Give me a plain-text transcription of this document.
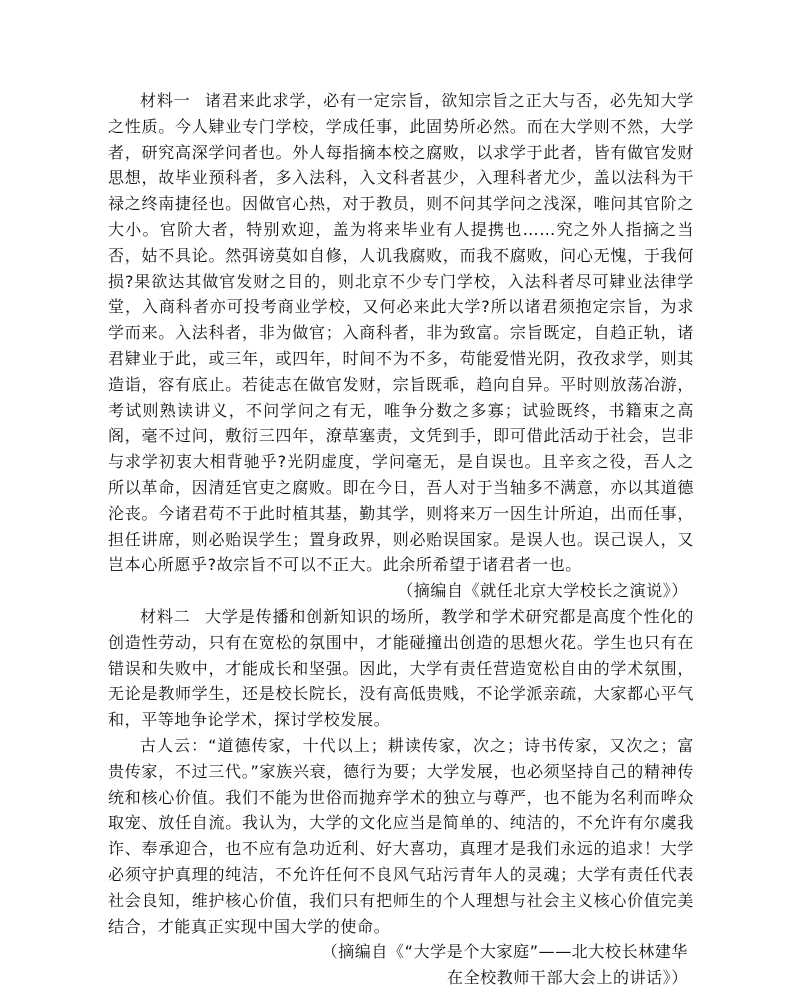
材料一 诸君来此求学，必有一定宗旨，欲知宗旨之正大与否，必先知大学之性质。今人肄业专门学校，学成任事，此固势所必然。而在大学则不然，大学者，研究高深学问者也。外人每指摘本校之腐败，以求学于此者，皆有做官发财思想，故毕业预科者，多入法科，入文科者甚少，入理科者尤少，盖以法科为干禄之终南捷径也。因做官心热，对于教员，则不问其学问之浅深，唯问其官阶之大小。官阶大者，特别欢迎，盖为将来毕业有人提携也……究之外人指摘之当否，姑不具论。然弭谤莫如自修，人讥我腐败，而我不腐败，问心无愧，于我何损?果欲达其做官发财之目的，则北京不少专门学校，入法科者尽可肄业法律学堂，入商科者亦可投考商业学校，又何必来此大学?所以诸君须抱定宗旨，为求学而来。入法科者，非为做官；入商科者，非为致富。宗旨既定，自趋正轨，诸君肄业于此，或三年，或四年，时间不为不多，苟能爱惜光阴，孜孜求学，则其造诣，容有底止。若徒志在做官发财，宗旨既乖，趋向自异。平时则放荡冶游，考试则熟读讲义，不问学问之有无，唯争分数之多寡；试验既终，书籍束之高阁，毫不过问，敷衍三四年，潦草塞责，文凭到手，即可借此活动于社会，岂非与求学初衷大相背驰乎?光阴虚度，学问毫无，是自误也。且辛亥之役，吾人之所以革命，因清廷官吏之腐败。即在今日，吾人对于当轴多不满意，亦以其道德沦丧。今诸君苟不于此时植其基，勤其学，则将来万一因生计所迫，出而任事，担任讲席，则必贻误学生；置身政界，则必贻误国家。是误人也。误己误人，又岂本心所愿乎?故宗旨不可以不正大。此余所希望于诸君者一也。

（摘编自《就任北京大学校长之演说》）

材料二 大学是传播和创新知识的场所，教学和学术研究都是高度个性化的创造性劳动，只有在宽松的氛围中，才能碰撞出创造的思想火花。学生也只有在错误和失败中，才能成长和坚强。因此，大学有责任营造宽松自由的学术氛围，无论是教师学生，还是校长院长，没有高低贵贱，不论学派亲疏，大家都心平气和，平等地争论学术，探讨学校发展。

古人云：“道德传家，十代以上；耕读传家，次之；诗书传家，又次之；富贵传家，不过三代。”家族兴衰，德行为要；大学发展，也必须坚持自己的精神传统和核心价值。我们不能为世俗而抛弃学术的独立与尊严，也不能为名利而哗众取宠、放任自流。我认为，大学的文化应当是简单的、纯洁的，不允许有尔虞我诈、奉承迎合，也不应有急功近利、好大喜功，真理才是我们永远的追求！大学必须守护真理的纯洁，不允许任何不良风气玷污青年人的灵魂；大学有责任代表社会良知，维护核心价值，我们只有把师生的个人理想与社会主义核心价值完美结合，才能真正实现中国大学的使命。

（摘编自《“大学是个大家庭”——北大校长林建华

在全校教师干部大会上的讲话》）
